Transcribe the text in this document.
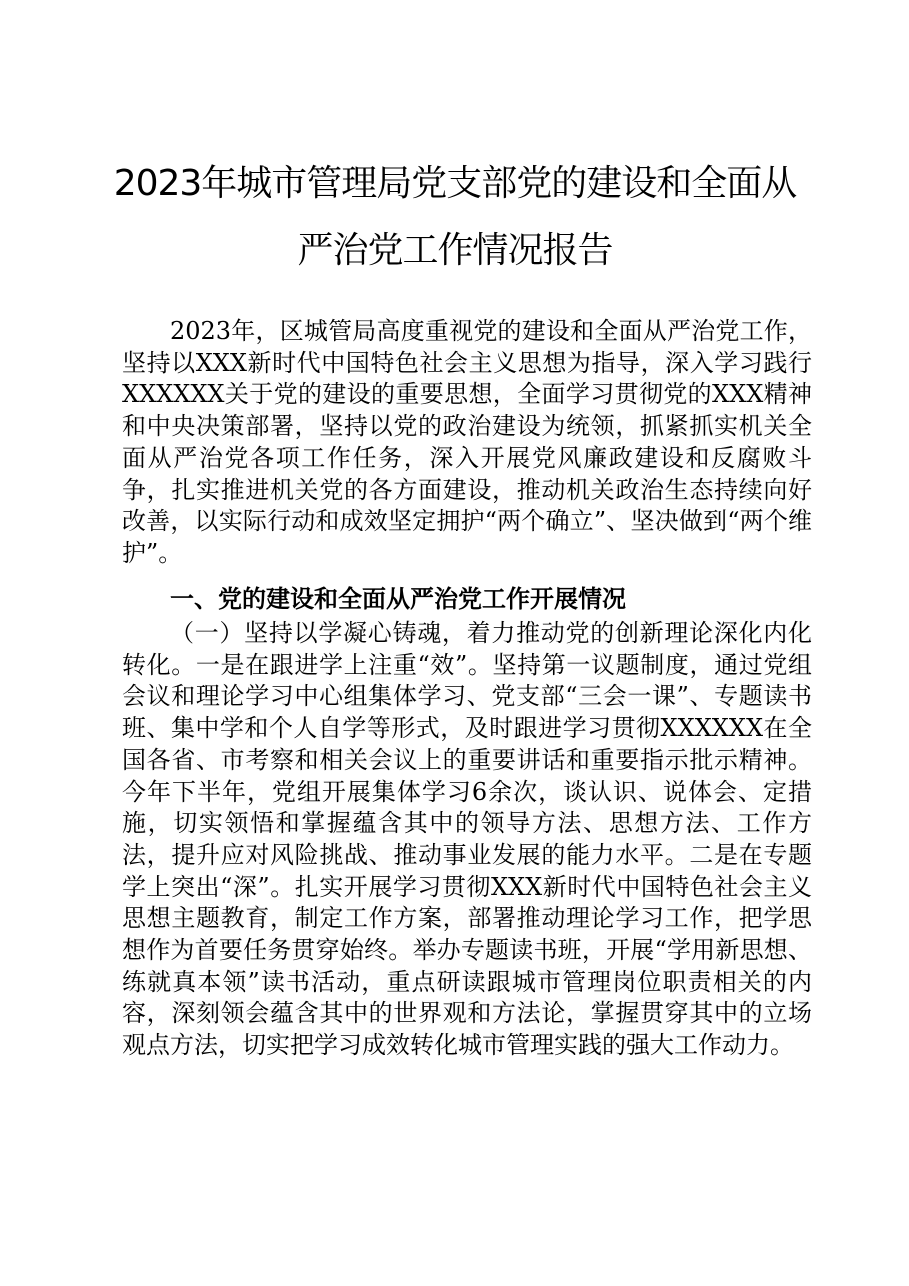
2023年城市管理局党支部党的建设和全面从
严治党工作情况报告

2023年，区城管局高度重视党的建设和全面从严治党工作，坚持以XXX新时代中国特色社会主义思想为指导，深入学习践行XXXXXX关于党的建设的重要思想，全面学习贯彻党的XXX精神和中央决策部署，坚持以党的政治建设为统领，抓紧抓实机关全面从严治党各项工作任务，深入开展党风廉政建设和反腐败斗争，扎实推进机关党的各方面建设，推动机关政治生态持续向好改善，以实际行动和成效坚定拥护“两个确立”、坚决做到“两个维护”。

一、党的建设和全面从严治党工作开展情况

（一）坚持以学凝心铸魂，着力推动党的创新理论深化内化转化。一是在跟进学上注重“效”。坚持第一议题制度，通过党组会议和理论学习中心组集体学习、党支部“三会一课”、专题读书班、集中学和个人自学等形式，及时跟进学习贯彻XXXXXX在全国各省、市考察和相关会议上的重要讲话和重要指示批示精神。今年下半年，党组开展集体学习6余次，谈认识、说体会、定措施，切实领悟和掌握蕴含其中的领导方法、思想方法、工作方法，提升应对风险挑战、推动事业发展的能力水平。二是在专题学上突出“深”。扎实开展学习贯彻XXX新时代中国特色社会主义思想主题教育，制定工作方案，部署推动理论学习工作，把学思想作为首要任务贯穿始终。举办专题读书班，开展“学用新思想、练就真本领”读书活动，重点研读跟城市管理岗位职责相关的内容，深刻领会蕴含其中的世界观和方法论，掌握贯穿其中的立场观点方法，切实把学习成效转化城市管理实践的强大工作动力。
